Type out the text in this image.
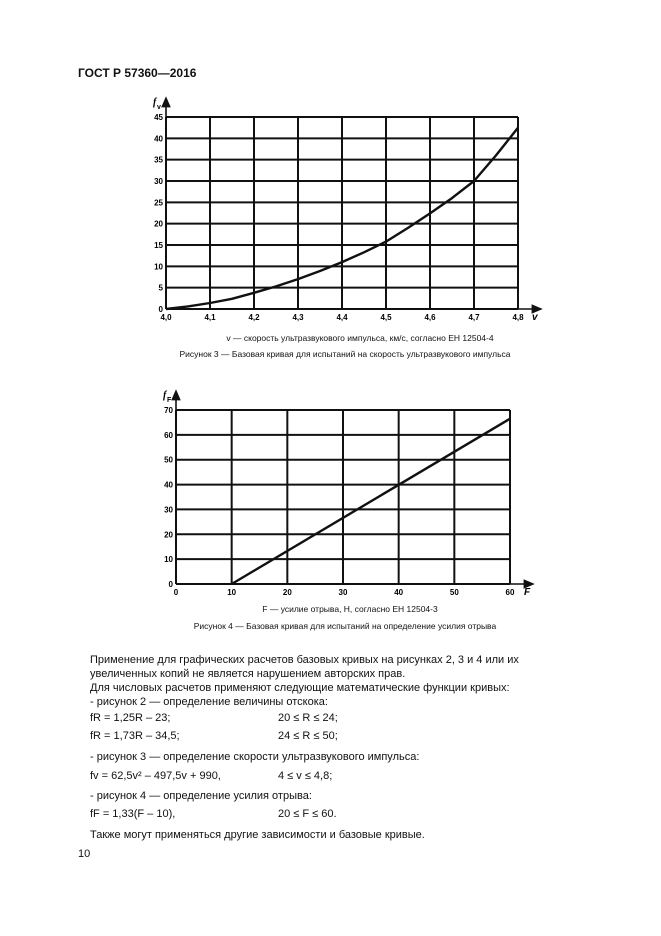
ГОСТ Р 57360—2016
4,0	4,1	4,2	4,3	4,4	4,5	4,6	4,7	4,8
0
5
10
15
20
25
30
35
40
45
f v
v
v — скорость ультразвукового импульса, км/с, согласно ЕН 12504-4
Рисунок 3 — Базовая кривая для испытаний на скорость ультразвукового импульса
0	10	20	30	40	50	60
0
10
20
30
40
50
60
70
f F
F
F — усилие отрыва, Н, согласно ЕН 12504-3
Рисунок 4 — Базовая кривая для испытаний на определение усилия отрыва
Применение для графических расчетов базовых кривых на рисунках 2, 3 и 4 или их увеличенных копий не является нарушением авторских прав.
Для числовых расчетов применяют следующие математические функции кривых:
- рисунок 2 — определение величины отскока:
fR = 1,25R – 23;	20 ≤ R ≤ 24;
fR = 1,73R – 34,5;	24 ≤ R ≤ 50;
- рисунок 3 — определение скорости ультразвукового импульса:
fv = 62,5v² – 497,5v + 990,	4 ≤ v ≤ 4,8;
- рисунок 4 — определение усилия отрыва:
fF = 1,33(F – 10),	20 ≤ F ≤ 60.
Также могут применяться другие зависимости и базовые кривые.
10
